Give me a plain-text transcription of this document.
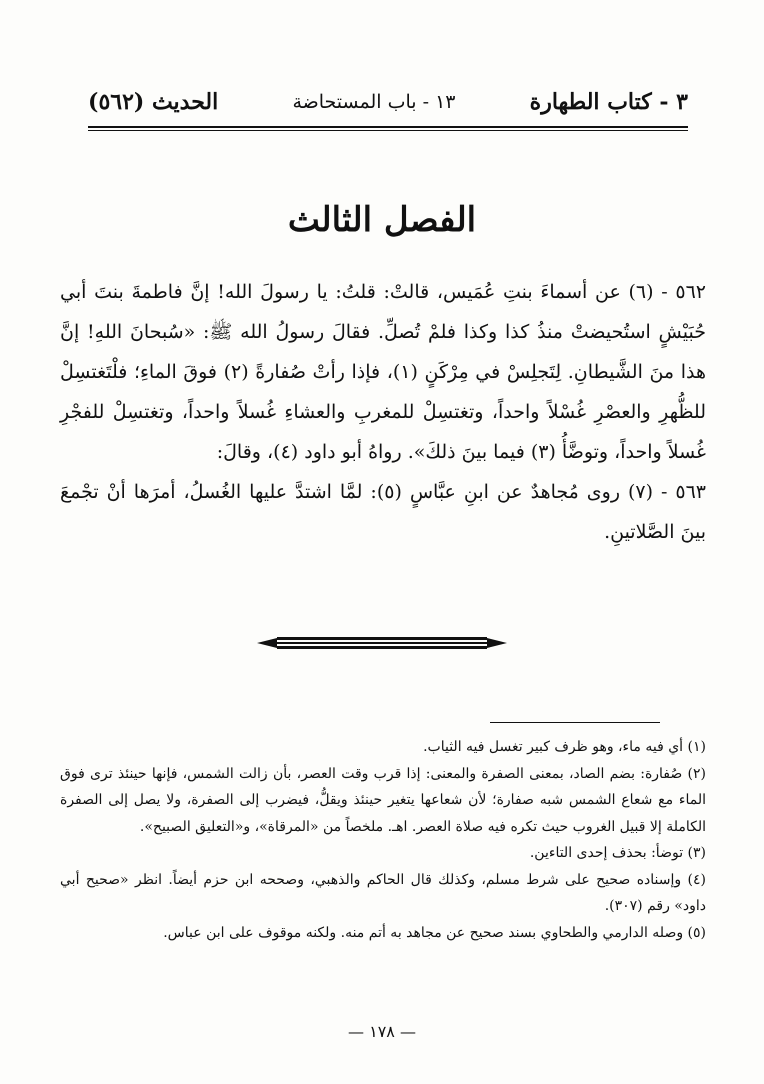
٣ - كتاب الطهارة
١٣ - باب المستحاضة
الحديث (٥٦٢)
الفصل الثالث

٥٦٢ - (٦) عن أسماءَ بنتِ عُمَيس، قالتْ: قلتُ: يا رسولَ الله! إنَّ فاطمةَ بنتَ أبي حُبَيْشٍ استُحيضتْ منذُ كذا وكذا فلمْ تُصلِّ. فقالَ رسولُ الله ﷺ: «سُبحانَ اللهِ! إنَّ هذا منَ الشَّيطانِ. لِتَجلِسْ في مِرْكَنٍ (١)، فإذا رأتْ صُفارةً (٢) فوقَ الماءِ؛ فلْتَغتسِلْ للظُّهرِ والعصْرِ غُسْلاً واحداً، وتغتسِلْ للمغربِ والعشاءِ غُسلاً واحداً، وتغتسِلْ للفجْرِ غُسلاً واحداً، وتوضَّأُ (٣) فيما بينَ ذلكَ». رواهُ أبو داود (٤)، وقالَ:

٥٦٣ - (٧) روى مُجاهدٌ عن ابنِ عبَّاسٍ (٥): لمَّا اشتدَّ عليها الغُسلُ، أمرَها أنْ تجْمعَ بينَ الصَّلاتينِ.

(١) أي فيه ماء، وهو ظرف كبير تغسل فيه الثياب.

(٢) صُفارة: بضم الصاد، بمعنى الصفرة والمعنى: إذا قرب وقت العصر، بأن زالت الشمس، فإنها حينئذ ترى فوق الماء مع شعاع الشمس شبه صفارة؛ لأن شعاعها يتغير حينئذ ويقلُّ، فيضرب إلى الصفرة، ولا يصل إلى الصفرة الكاملة إلا قبيل الغروب حيث تكره فيه صلاة العصر. اهـ. ملخصاً من «المرقاة»، و«التعليق الصبيح».

(٣) توضأ: بحذف إحدى التاءين.

(٤) وإسناده صحيح على شرط مسلم، وكذلك قال الحاكم والذهبي، وصححه ابن حزم أيضاً. انظر «صحيح أبي داود» رقم (٣٠٧).

(٥) وصله الدارمي والطحاوي بسند صحيح عن مجاهد به أتم منه. ولكنه موقوف على ابن عباس.

— ١٧٨ —
